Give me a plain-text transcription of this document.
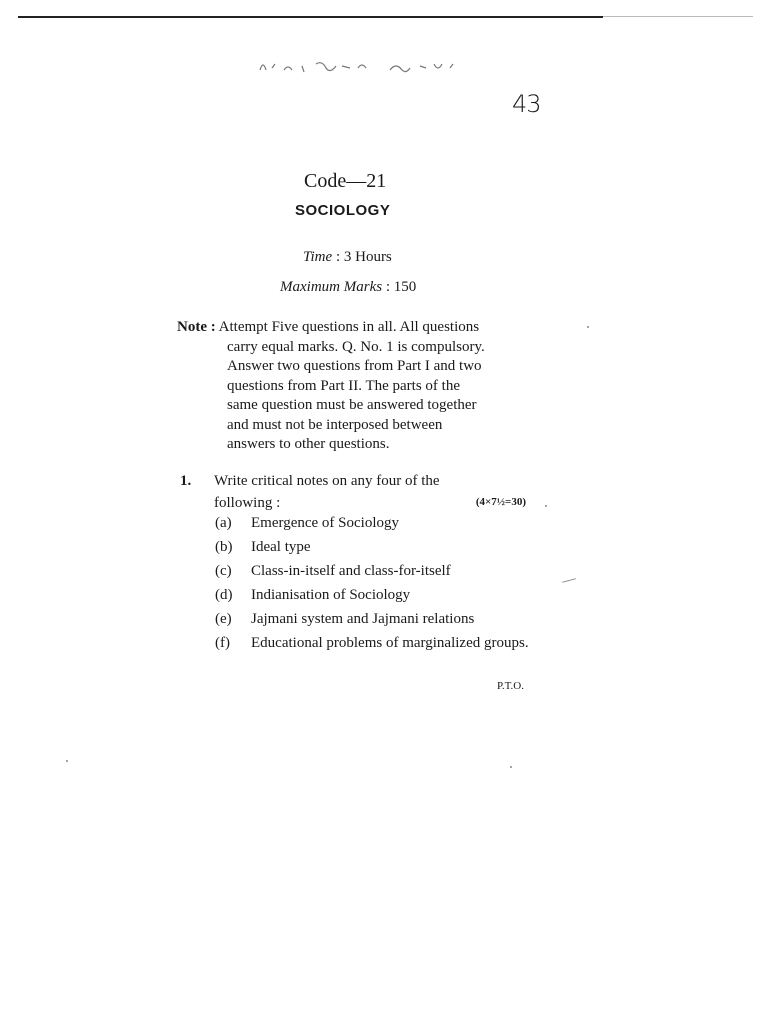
43
Code—21
SOCIOLOGY
Time : 3 Hours
Maximum Marks : 150
Note : Attempt Five questions in all. All questions
carry equal marks. Q. No. 1 is compulsory.
Answer two questions from Part I and two
questions from Part II. The parts of the
same question must be answered together
and must not be interposed between
answers to other questions.
1. Write critical notes on any four of the
following :	(4×7½=30)
(a)	Emergence of Sociology
(b)	Ideal type
(c)	Class-in-itself and class-for-itself
(d)	Indianisation of Sociology
(e)	Jajmani system and Jajmani relations
(f)	Educational problems of marginalized groups.
P.T.O.
